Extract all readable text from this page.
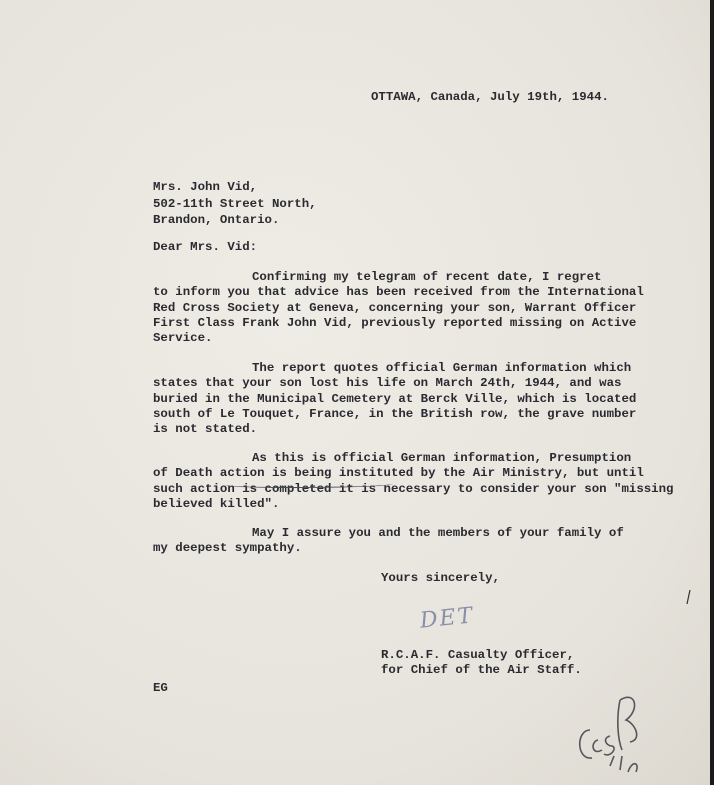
OTTAWA, Canada, July 19th, 1944.
Mrs. John Vid,
502-11th Street North,
Brandon, Ontario.
Dear Mrs. Vid:
Confirming my telegram of recent date, I regret
to inform you that advice has been received from the International
Red Cross Society at Geneva, concerning your son, Warrant Officer
First Class Frank John Vid, previously reported missing on Active
Service.
The report quotes official German information which
states that your son lost his life on March 24th, 1944, and was
buried in the Municipal Cemetery at Berck Ville, which is located
south of Le Touquet, France, in the British row, the grave number
is not stated.
As this is official German information, Presumption
of Death action is being instituted by the Air Ministry, but until
such action is completed it is necessary to consider your son "missing
believed killed".
May I assure you and the members of your family of
my deepest sympathy.
Yours sincerely,
DET
R.C.A.F. Casualty Officer,
for Chief of the Air Staff.
EG
